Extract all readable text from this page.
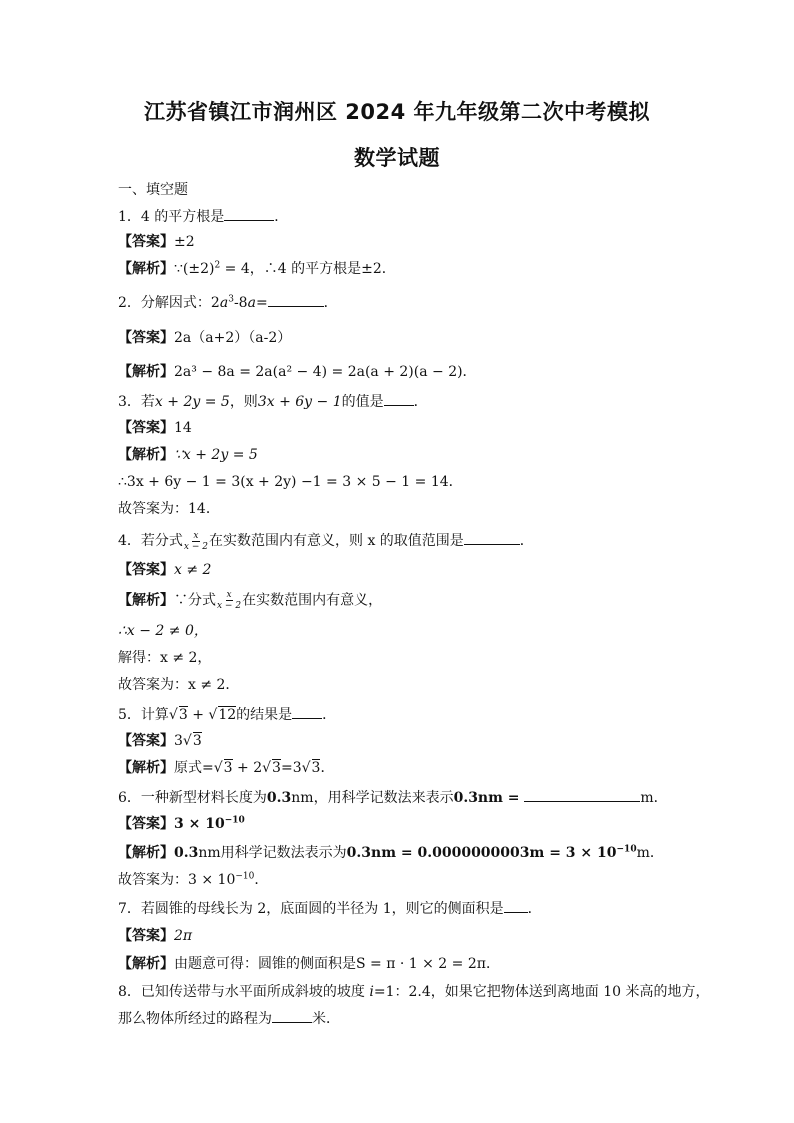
江苏省镇江市润州区 2024 年九年级第二次中考模拟
数学试题
一、填空题
1．4 的平方根是	．
【答案】±2
【解析】$\because(\pm 2)^2 = 4$，∴4 的平方根是±2．
2．分解因式：$2a^3-8a=$	．
【答案】2a（a+2）（a-2）
【解析】2a³ − 8a = 2a(a² − 4) = 2a(a + 2)(a − 2)．
3．若x + 2y = 5，则3x + 6y − 1的值是 ．
【答案】14
【解析】∵x + 2y = 5
∴3x + 6y − 1 = 3(x + 2y) −1 = 3 × 5 − 1 = 14．
故答案为：14．
4．若分式 $\frac{x}{x - 2}$ 在实数范围内有意义，则 x 的取值范围是	．
【答案】x ≠ 2
【解析】∵分式 $\frac{x}{x - 2}$ 在实数范围内有意义，
∴x − 2 ≠ 0，
解得：x ≠ 2，
故答案为：x ≠ 2．
5．计算√3 + √12的结果是 ．
【答案】3√3
【解析】原式=√3 + 2√3=3√3．
6．一种新型材料长度为0.3nm，用科学记数法来表示0.3nm =	m．
【答案】$3 \times 10^{-10}$
【解析】0.3nm用科学记数法表示为$0.3nm = 0.0000000003m = 3 \times 10^{-10}m$．
故答案为：$3 \times 10^{-10}$．
7．若圆锥的母线长为 2，底面圆的半径为 1，则它的侧面积是 ．
【答案】2π
【解析】由题意可得：圆锥的侧面积是S = π · 1 × 2 = 2π．
8．已知传送带与水平面所成斜坡的坡度 i=1：2.4，如果它把物体送到离地面 10 米高的地方，
那么物体所经过的路程为	米．
